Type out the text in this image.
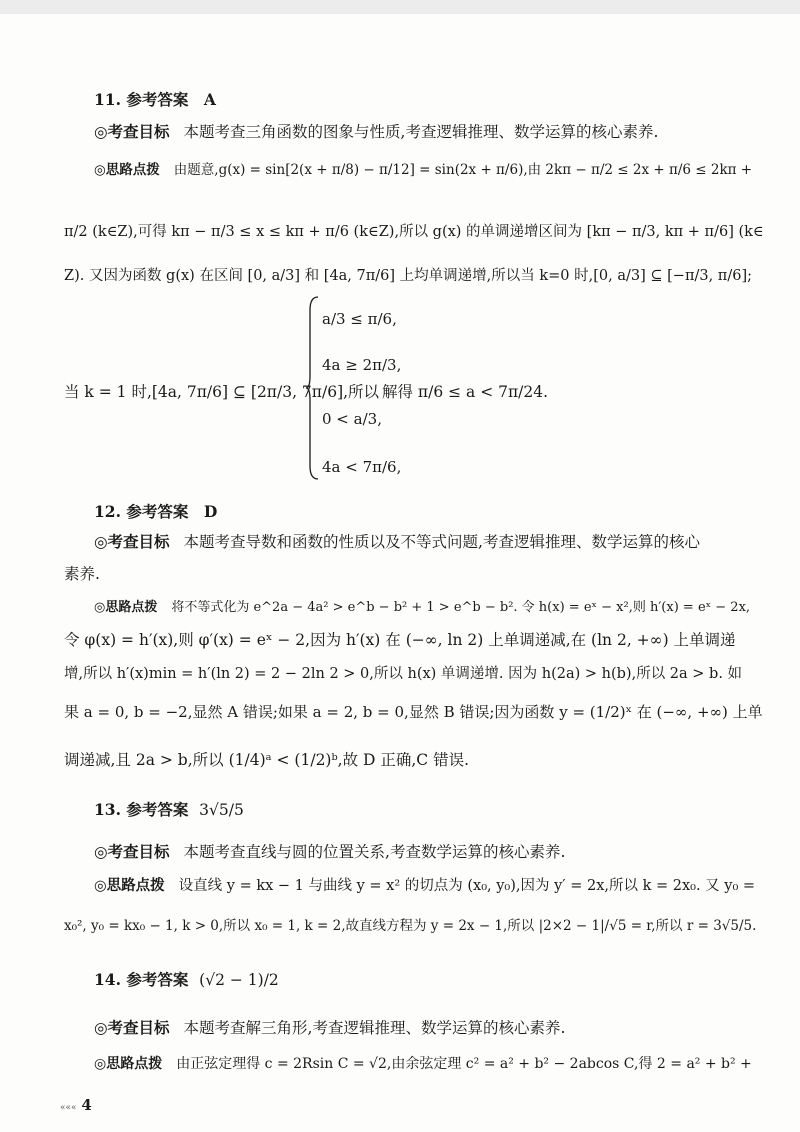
11. 参考答案　A
◎考查目标 本题考查三角函数的图象与性质,考查逻辑推理、数学运算的核心素养.
◎思路点拨 由题意,g(x) = sin[2(x + π/8) − π/12] = sin(2x + π/6),由 2kπ − π/2 ≤ 2x + π/6 ≤ 2kπ +
π/2 (k∈Z),可得 kπ − π/3 ≤ x ≤ kπ + π/6 (k∈Z),所以 g(x) 的单调递增区间为 [kπ − π/3, kπ + π/6] (k∈
Z). 又因为函数 g(x) 在区间 [0, a/3] 和 [4a, 7π/6] 上均单调递增,所以当 k=0 时,[0, a/3] ⊆ [−π/3, π/6];
当 k = 1 时,[4a, 7π/6] ⊆ [2π/3, 7π/6],所以
a/3 ≤ π/6,
4a ≥ 2π/3,
0 < a/3,
4a < 7π/6,
解得 π/6 ≤ a < 7π/24.
12. 参考答案　D
◎考查目标 本题考查导数和函数的性质以及不等式问题,考查逻辑推理、数学运算的核心
素养.
◎思路点拨 将不等式化为 e^2a − 4a² > e^b − b² + 1 > e^b − b². 令 h(x) = eˣ − x²,则 h′(x) = eˣ − 2x,
令 φ(x) = h′(x),则 φ′(x) = eˣ − 2,因为 h′(x) 在 (−∞, ln 2) 上单调递减,在 (ln 2, +∞) 上单调递
增,所以 h′(x)min = h′(ln 2) = 2 − 2ln 2 > 0,所以 h(x) 单调递增. 因为 h(2a) > h(b),所以 2a > b. 如
果 a = 0, b = −2,显然 A 错误;如果 a = 2, b = 0,显然 B 错误;因为函数 y = (1/2)ˣ 在 (−∞, +∞) 上单
调递减,且 2a > b,所以 (1/4)ᵃ < (1/2)ᵇ,故 D 正确,C 错误.
13. 参考答案 3√5/5
◎考查目标 本题考查直线与圆的位置关系,考查数学运算的核心素养.
◎思路点拨 设直线 y = kx − 1 与曲线 y = x² 的切点为 (x₀, y₀),因为 y′ = 2x,所以 k = 2x₀. 又 y₀ =
x₀², y₀ = kx₀ − 1, k > 0,所以 x₀ = 1, k = 2,故直线方程为 y = 2x − 1,所以 |2×2 − 1|/√5 = r,所以 r = 3√5/5.
14. 参考答案 (√2 − 1)/2
◎考查目标 本题考查解三角形,考查逻辑推理、数学运算的核心素养.
◎思路点拨 由正弦定理得 c = 2Rsin C = √2,由余弦定理 c² = a² + b² − 2abcos C,得 2 = a² + b² +
««« 4
